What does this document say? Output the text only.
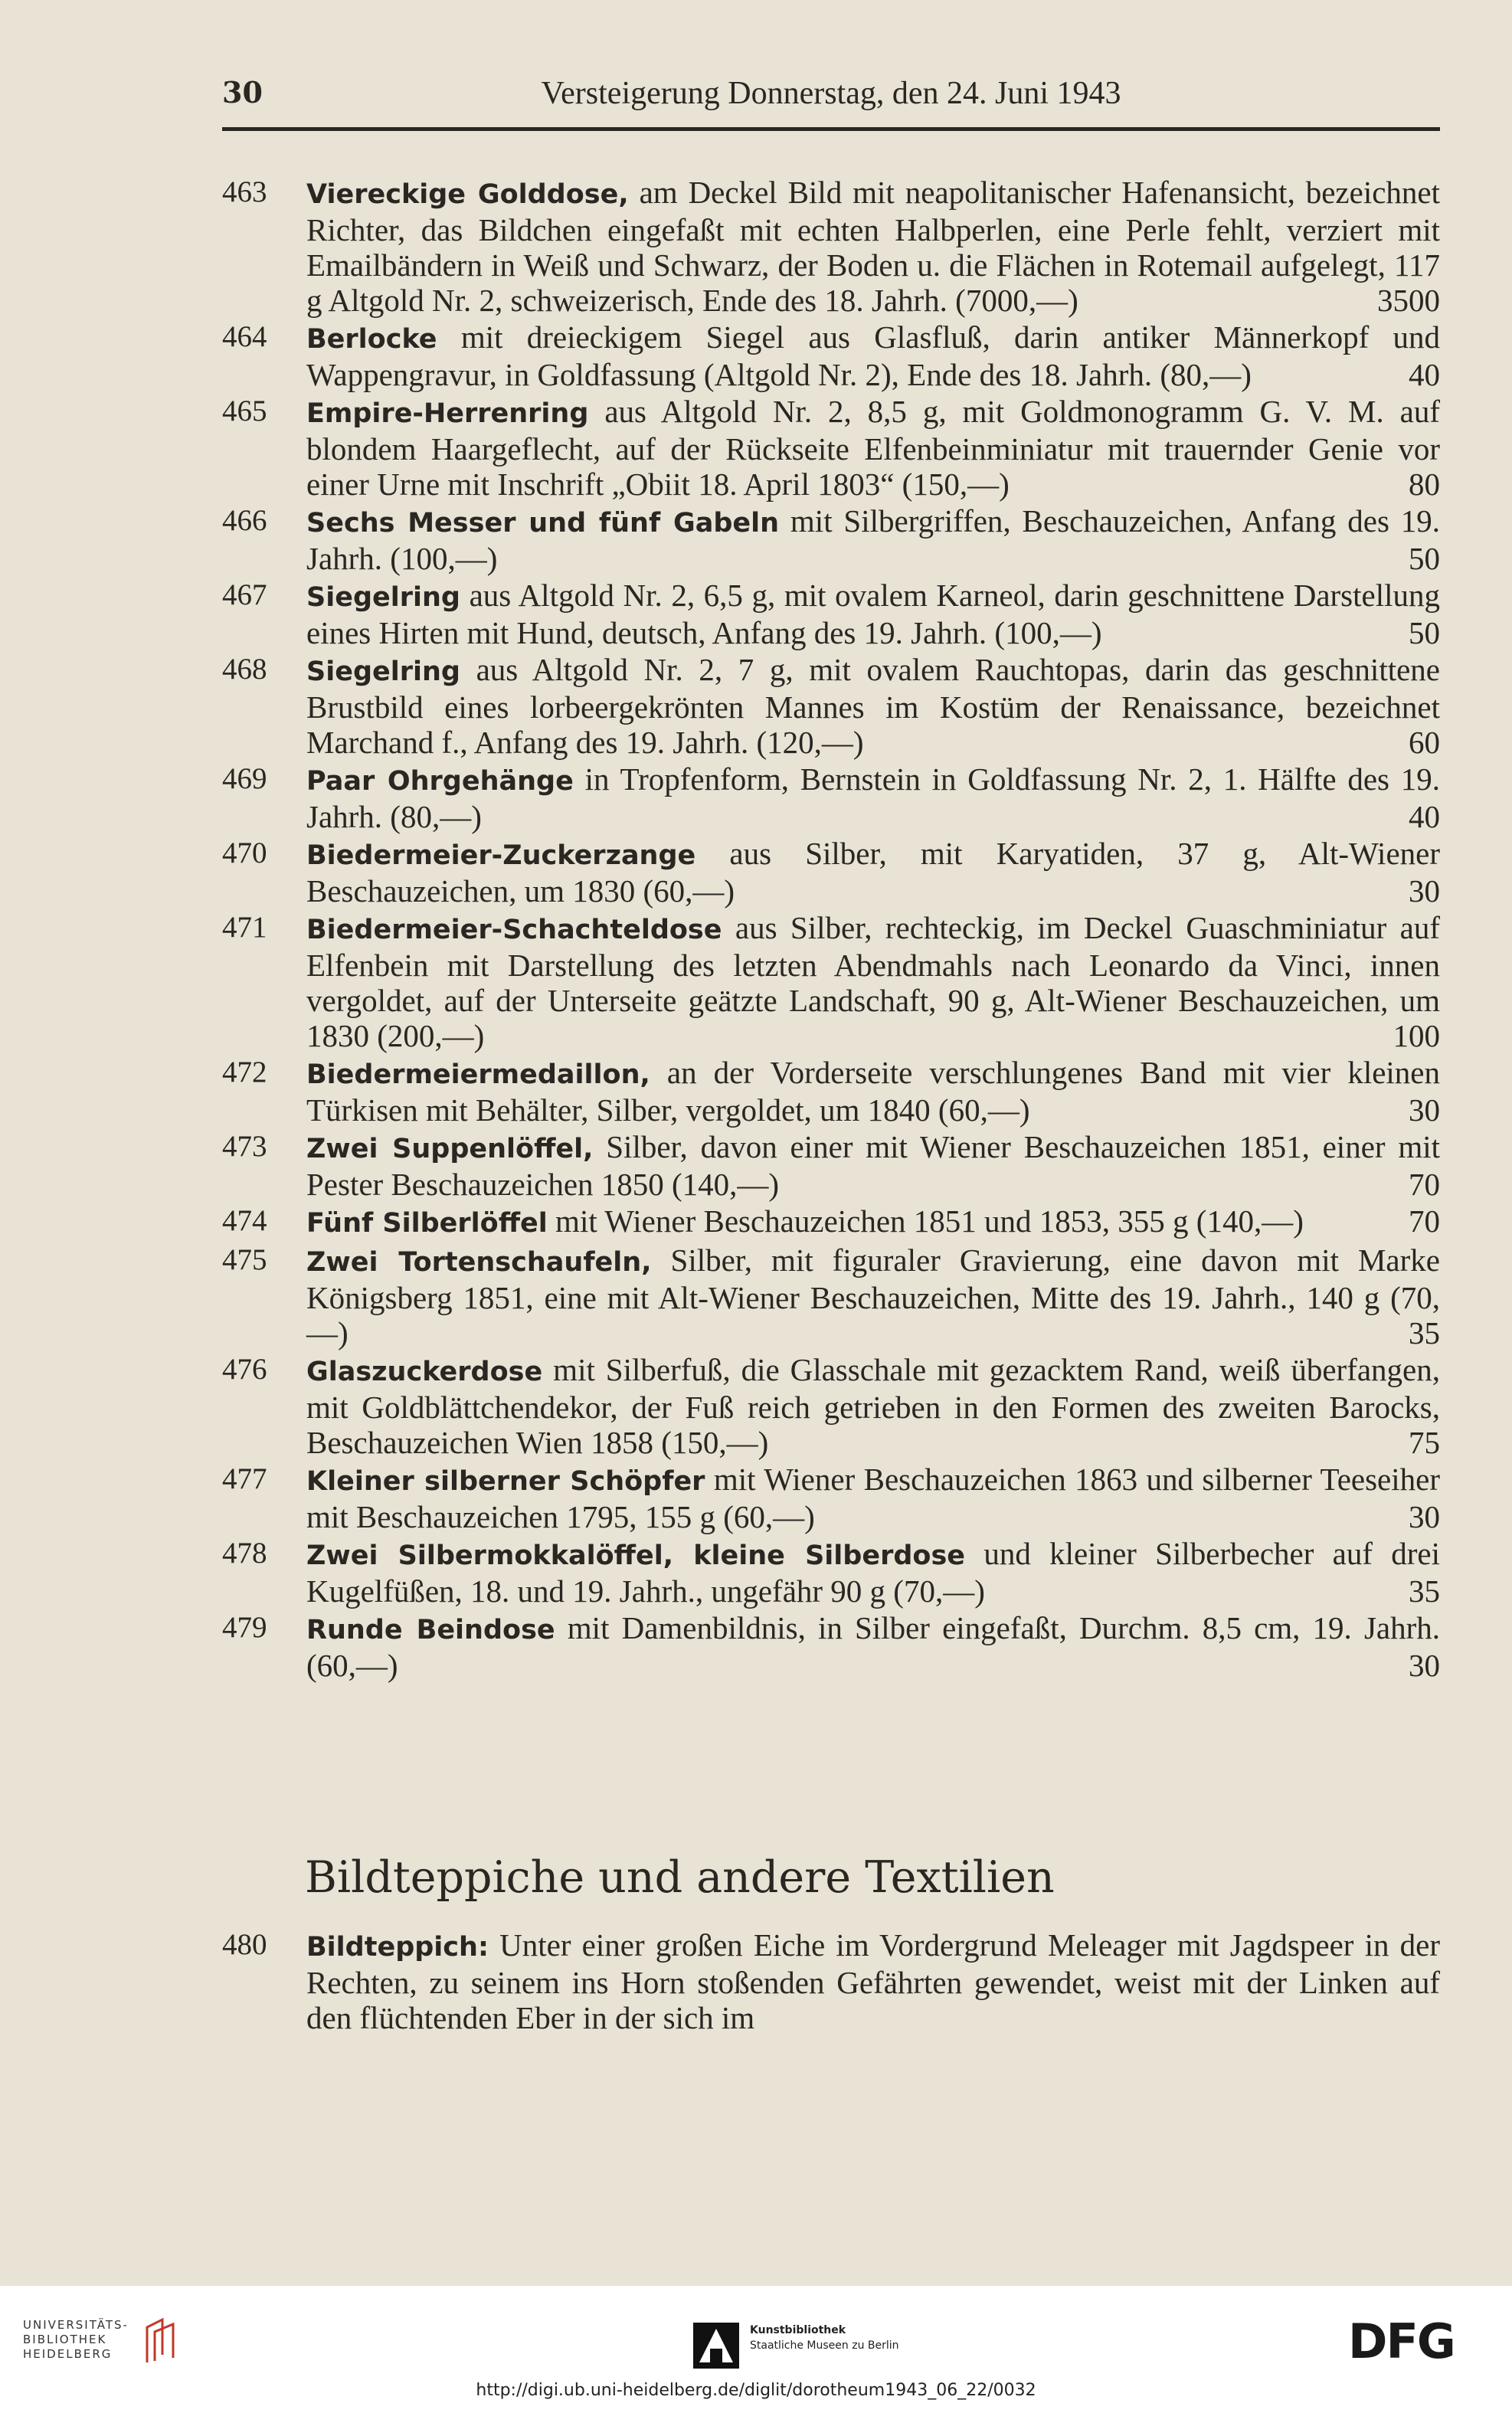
30	Versteigerung Donnerstag, den 24. Juni 1943
463	Viereckige Golddose, am Deckel Bild mit neapolitanischer Hafenansicht, bezeichnet Richter, das Bildchen eingefaßt mit echten Halbperlen, eine Perle fehlt, verziert mit Emailbändern in Weiß und Schwarz, der Boden u. die Flächen in Rotemail aufgelegt, 117 g Altgold Nr. 2, schweizerisch, Ende des 18. Jahrh. (7000,—)	3500
464	Berlocke mit dreieckigem Siegel aus Glasfluß, darin antiker Männerkopf und Wappengravur, in Goldfassung (Altgold Nr. 2), Ende des 18. Jahrh. (80,—)	40
465	Empire-Herrenring aus Altgold Nr. 2, 8,5 g, mit Goldmonogramm G. V. M. auf blondem Haargeflecht, auf der Rückseite Elfenbeinminiatur mit trauernder Genie vor einer Urne mit Inschrift „Obiit 18. April 1803“ (150,—)	80
466	Sechs Messer und fünf Gabeln mit Silbergriffen, Beschauzeichen, Anfang des 19. Jahrh. (100,—)	50
467	Siegelring aus Altgold Nr. 2, 6,5 g, mit ovalem Karneol, darin geschnittene Darstellung eines Hirten mit Hund, deutsch, Anfang des 19. Jahrh. (100,—)	50
468	Siegelring aus Altgold Nr. 2, 7 g, mit ovalem Rauchtopas, darin das geschnittene Brustbild eines lorbeergekrönten Mannes im Kostüm der Renaissance, bezeichnet Marchand f., Anfang des 19. Jahrh. (120,—)	60
469	Paar Ohrgehänge in Tropfenform, Bernstein in Goldfassung Nr. 2, 1. Hälfte des 19. Jahrh. (80,—)	40
470	Biedermeier-Zuckerzange aus Silber, mit Karyatiden, 37 g, Alt-Wiener Beschauzeichen, um 1830 (60,—)	30
471	Biedermeier-Schachteldose aus Silber, rechteckig, im Deckel Guaschminiatur auf Elfenbein mit Darstellung des letzten Abendmahls nach Leonardo da Vinci, innen vergoldet, auf der Unterseite geätzte Landschaft, 90 g, Alt-Wiener Beschauzeichen, um 1830 (200,—)	100
472	Biedermeiermedaillon, an der Vorderseite verschlungenes Band mit vier kleinen Türkisen mit Behälter, Silber, vergoldet, um 1840 (60,—)	30
473	Zwei Suppenlöffel, Silber, davon einer mit Wiener Beschauzeichen 1851, einer mit Pester Beschauzeichen 1850 (140,—)	70
474	Fünf Silberlöffel mit Wiener Beschauzeichen 1851 und 1853, 355 g (140,—)	70
475	Zwei Tortenschaufeln, Silber, mit figuraler Gravierung, eine davon mit Marke Königsberg 1851, eine mit Alt-Wiener Beschauzeichen, Mitte des 19. Jahrh., 140 g (70,—)	35
476	Glaszuckerdose mit Silberfuß, die Glasschale mit gezacktem Rand, weiß überfangen, mit Goldblättchendekor, der Fuß reich getrieben in den Formen des zweiten Barocks, Beschauzeichen Wien 1858 (150,—)	75
477	Kleiner silberner Schöpfer mit Wiener Beschauzeichen 1863 und silberner Teeseiher mit Beschauzeichen 1795, 155 g (60,—)	30
478	Zwei Silbermokkalöffel, kleine Silberdose und kleiner Silberbecher auf drei Kugelfüßen, 18. und 19. Jahrh., ungefähr 90 g (70,—)	35
479	Runde Beindose mit Damenbildnis, in Silber eingefaßt, Durchm. 8,5 cm, 19. Jahrh. (60,—)	30
Bildteppiche und andere Textilien
480	Bildteppich: Unter einer großen Eiche im Vordergrund Meleager mit Jagdspeer in der Rechten, zu seinem ins Horn stoßenden Gefährten gewendet, weist mit der Linken auf den flüchtenden Eber in der sich im
UNIVERSITÄTS-
BIBLIOTHEK
HEIDELBERG
Kunstbibliothek
Staatliche Museen zu Berlin	DFG
http://digi.ub.uni-heidelberg.de/diglit/dorotheum1943_06_22/0032
